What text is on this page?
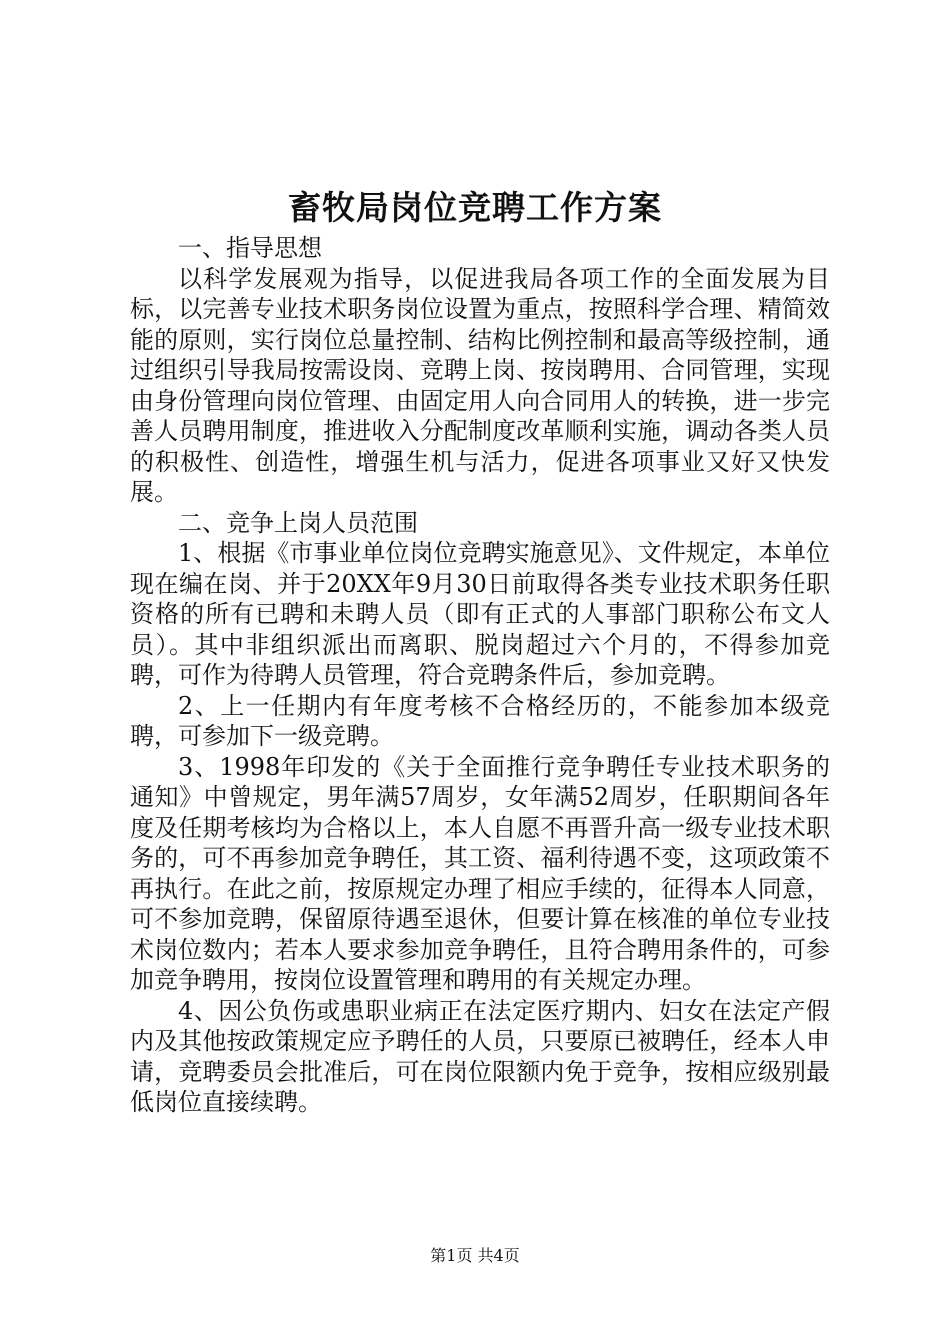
畜牧局岗位竞聘工作方案

一、指导思想

以科学发展观为指导，以促进我局各项工作的全面发展为目标，以完善专业技术职务岗位设置为重点，按照科学合理、精简效能的原则，实行岗位总量控制、结构比例控制和最高等级控制，通过组织引导我局按需设岗、竞聘上岗、按岗聘用、合同管理，实现由身份管理向岗位管理、由固定用人向合同用人的转换，进一步完善人员聘用制度，推进收入分配制度改革顺利实施，调动各类人员的积极性、创造性，增强生机与活力，促进各项事业又好又快发展。

二、竞争上岗人员范围

1、根据《市事业单位岗位竞聘实施意见》、文件规定，本单位现在编在岗、并于20XX年9月30日前取得各类专业技术职务任职资格的所有已聘和未聘人员（即有正式的人事部门职称公布文人员）。其中非组织派出而离职、脱岗超过六个月的，不得参加竞聘，可作为待聘人员管理，符合竞聘条件后，参加竞聘。

2、上一任期内有年度考核不合格经历的，不能参加本级竞聘，可参加下一级竞聘。

3、1998年印发的《关于全面推行竞争聘任专业技术职务的通知》中曾规定，男年满57周岁，女年满52周岁，任职期间各年度及任期考核均为合格以上，本人自愿不再晋升高一级专业技术职务的，可不再参加竞争聘任，其工资、福利待遇不变，这项政策不再执行。在此之前，按原规定办理了相应手续的，征得本人同意，可不参加竞聘，保留原待遇至退休，但要计算在核准的单位专业技术岗位数内；若本人要求参加竞争聘任，且符合聘用条件的，可参加竞争聘用，按岗位设置管理和聘用的有关规定办理。

4、因公负伤或患职业病正在法定医疗期内、妇女在法定产假内及其他按政策规定应予聘任的人员，只要原已被聘任，经本人申请，竞聘委员会批准后，可在岗位限额内免于竞争，按相应级别最低岗位直接续聘。

第1页 共4页
